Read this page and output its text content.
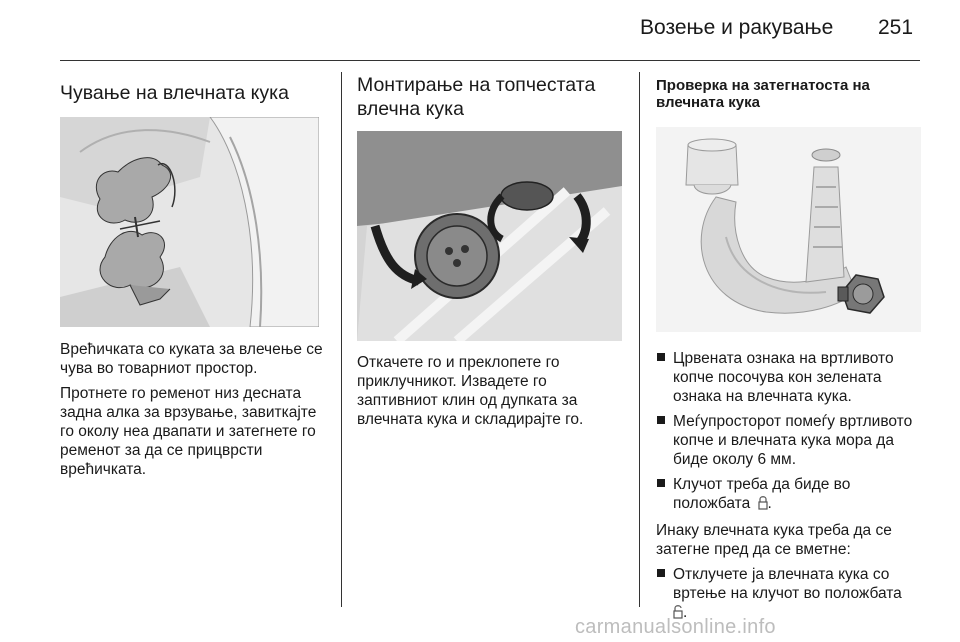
Возење и ракување 251
Чување на влечната кука

Врећичката со куката за влечење се чува во товарниот простор.

Протнете го ременот низ десната задна алка за врзување, завиткајте го околу неа двапати и затегнете го ременот за да се прицврсти врећичката.

Монтирање на топчестата
влечна кука

Откачете го и преклопете го приклучникот. Извадете го заптивниот клин од дупката за влечната кука и складирајте го.

Проверка на затегнатоста на
влечната кука
Црвената ознака на вртливото копче посочува кон зелената ознака на влечната кука.
Меѓупросторот помеѓу вртливото копче и влечната кука мора да биде околу 6 мм.
Клучот треба да биде во положбата .

Инаку влечната кука треба да се затегне пред да се вметне:

Отклучете ја влечната кука со вртење на клучот во положбата
.
carmanualsonline.info
